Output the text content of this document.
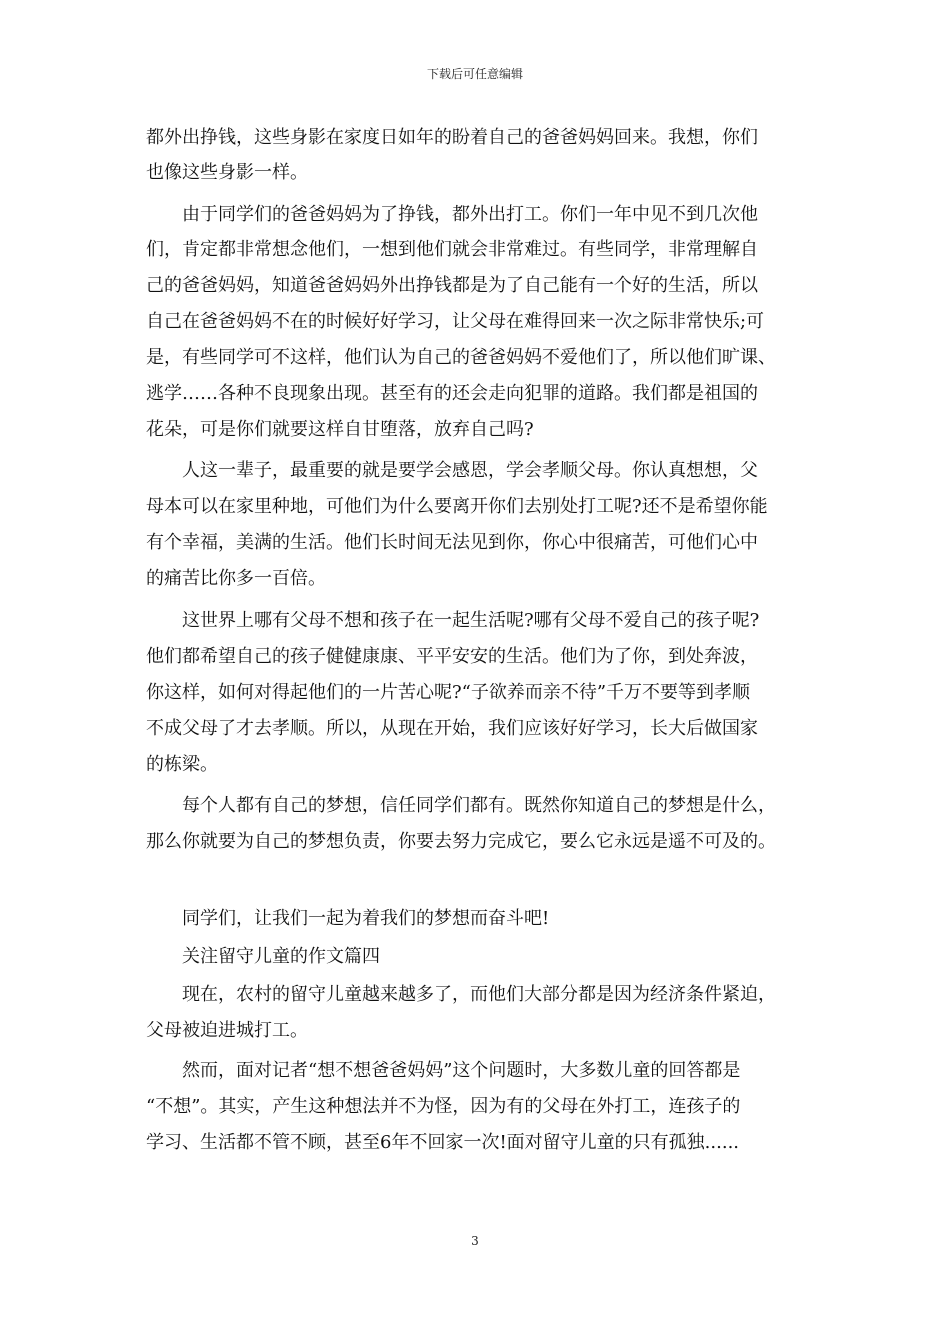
下载后可任意编辑
都外出挣钱，这些身影在家度日如年的盼着自己的爸爸妈妈回来。我想，你们
也像这些身影一样。
　　由于同学们的爸爸妈妈为了挣钱，都外出打工。你们一年中见不到几次他
们，肯定都非常想念他们，一想到他们就会非常难过。有些同学，非常理解自
己的爸爸妈妈，知道爸爸妈妈外出挣钱都是为了自己能有一个好的生活，所以
自己在爸爸妈妈不在的时候好好学习，让父母在难得回来一次之际非常快乐;可
是，有些同学可不这样，他们认为自己的爸爸妈妈不爱他们了，所以他们旷课、
逃学……各种不良现象出现。甚至有的还会走向犯罪的道路。我们都是祖国的
花朵，可是你们就要这样自甘堕落，放弃自己吗?
　　人这一辈子，最重要的就是要学会感恩，学会孝顺父母。你认真想想，父
母本可以在家里种地，可他们为什么要离开你们去别处打工呢?还不是希望你能
有个幸福，美满的生活。他们长时间无法见到你，你心中很痛苦，可他们心中
的痛苦比你多一百倍。
　　这世界上哪有父母不想和孩子在一起生活呢?哪有父母不爱自己的孩子呢?
他们都希望自己的孩子健健康康、平平安安的生活。他们为了你，到处奔波，
你这样，如何对得起他们的一片苦心呢?“子欲养而亲不待”千万不要等到孝顺
不成父母了才去孝顺。所以，从现在开始，我们应该好好学习，长大后做国家
的栋梁。
　　每个人都有自己的梦想，信任同学们都有。既然你知道自己的梦想是什么，
那么你就要为自己的梦想负责，你要去努力完成它，要么它永远是遥不可及的。
　　同学们，让我们一起为着我们的梦想而奋斗吧!
　　关注留守儿童的作文篇四
　　现在，农村的留守儿童越来越多了，而他们大部分都是因为经济条件紧迫，
父母被迫进城打工。
　　然而，面对记者“想不想爸爸妈妈”这个问题时，大多数儿童的回答都是
“不想”。其实，产生这种想法并不为怪，因为有的父母在外打工，连孩子的
学习、生活都不管不顾，甚至6年不回家一次!面对留守儿童的只有孤独......
3
